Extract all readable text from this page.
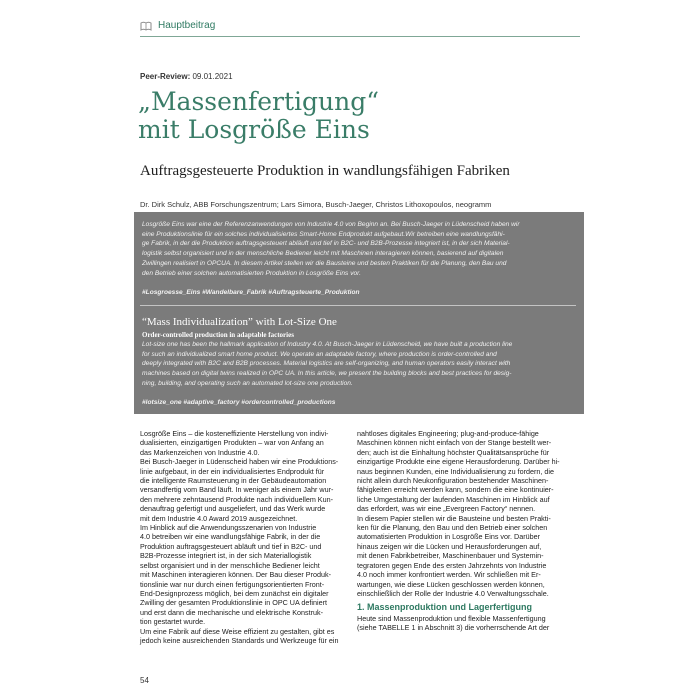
Hauptbeitrag
Peer-Review: 09.01.2021
„Massenfertigung“
mit Losgröße Eins
Auftragsgesteuerte Produktion in wandlungsfähigen Fabriken
Dr. Dirk Schulz, ABB Forschungszentrum; Lars Simora, Busch-Jaeger, Christos Lithoxopoulos, neogramm
Losgröße Eins war eine der Referenzanwendungen von Industrie 4.0 von Beginn an. Bei Busch-Jaeger in Lüdenscheid haben wir
eine Produktionslinie für ein solches individualisiertes Smart-Home Endprodukt aufgebaut.Wir betreiben eine wandlungsfähi-
ge Fabrik, in der die Produktion auftragsgesteuert abläuft und tief in B2C- und B2B-Prozesse integriert ist, in der sich Material-
logistik selbst organisiert und in der menschliche Bediener leicht mit Maschinen interagieren können, basierend auf digitalen
Zwillingen realisiert in OPCUA. In diesem Artikel stellen wir die Bausteine und besten Praktiken für die Planung, den Bau und
den Betrieb einer solchen automatisierten Produktion in Losgröße Eins vor.
#Losgroesse_Eins #Wandelbare_Fabrik #Auftragsteuerte_Produktion
“Mass Individualization” with Lot-Size One
Order-controlled production in adaptable factories
Lot-size one has been the hallmark application of Industry 4.0. At Busch-Jaeger in Lüdenscheid, we have built a production line
for such an individualized smart home product. We operate an adaptable factory, where production is order-controlled and
deeply integrated with B2C and B2B processes. Material logistics are self-organizing, and human operators easily interact with
machines based on digital twins realized in OPC UA. In this article, we present the building blocks and best practices for desig-
ning, building, and operating such an automated lot-size one production.
#lotsize_one #adaptive_factory #ordercontrolled_productions
Losgröße Eins – die kosteneffiziente Herstellung von indivi-
dualisierten, einzigartigen Produkten – war von Anfang an
das Markenzeichen von Industrie 4.0.
Bei Busch-Jaeger in Lüdenscheid haben wir eine Produktions-
linie aufgebaut, in der ein individualisiertes Endprodukt für
die intelligente Raumsteuerung in der Gebäudeautomation
versandfertig vom Band läuft. In weniger als einem Jahr wur-
den mehrere zehntausend Produkte nach individuellem Kun-
denauftrag gefertigt und ausgeliefert, und das Werk wurde
mit dem Industrie 4.0 Award 2019 ausgezeichnet.
Im Hinblick auf die Anwendungsszenarien von Industrie
4.0 betreiben wir eine wandlungsfähige Fabrik, in der die
Produktion auftragsgesteuert abläuft und tief in B2C- und
B2B-Prozesse integriert ist, in der sich Materiallogistik
selbst organisiert und in der menschliche Bediener leicht
mit Maschinen interagieren können. Der Bau dieser Produk-
tionslinie war nur durch einen fertigungsorientierten Front-
End-Designprozess möglich, bei dem zunächst ein digitaler
Zwilling der gesamten Produktionslinie in OPC UA definiert
und erst dann die mechanische und elektrische Konstruk-
tion gestartet wurde.
Um eine Fabrik auf diese Weise effizient zu gestalten, gibt es
jedoch keine ausreichenden Standards und Werkzeuge für ein
nahtloses digitales Engineering; plug-and-produce-fähige
Maschinen können nicht einfach von der Stange bestellt wer-
den; auch ist die Einhaltung höchster Qualitätsansprüche für
einzigartige Produkte eine eigene Herausforderung. Darüber hi-
naus beginnen Kunden, eine Individualisierung zu fordern, die
nicht allein durch Neukonfiguration bestehender Maschinen-
fähigkeiten erreicht werden kann, sondern die eine kontinuier-
liche Umgestaltung der laufenden Maschinen im Hinblick auf
das erfordert, was wir eine „Evergreen Factory“ nennen.
In diesem Papier stellen wir die Bausteine und besten Prakti-
ken für die Planung, den Bau und den Betrieb einer solchen
automatisierten Produktion in Losgröße Eins vor. Darüber
hinaus zeigen wir die Lücken und Herausforderungen auf,
mit denen Fabrikbetreiber, Maschinenbauer und Systemin-
tegratoren gegen Ende des ersten Jahrzehnts von Industrie
4.0 noch immer konfrontiert werden. Wir schließen mit Er-
wartungen, wie diese Lücken geschlossen werden können,
einschließlich der Rolle der Industrie 4.0 Verwaltungsschale.
1. Massenproduktion und Lagerfertigung
Heute sind Massenproduktion und flexible Massenfertigung
(siehe TABELLE 1 in Abschnitt 3) die vorherrschende Art der
54
